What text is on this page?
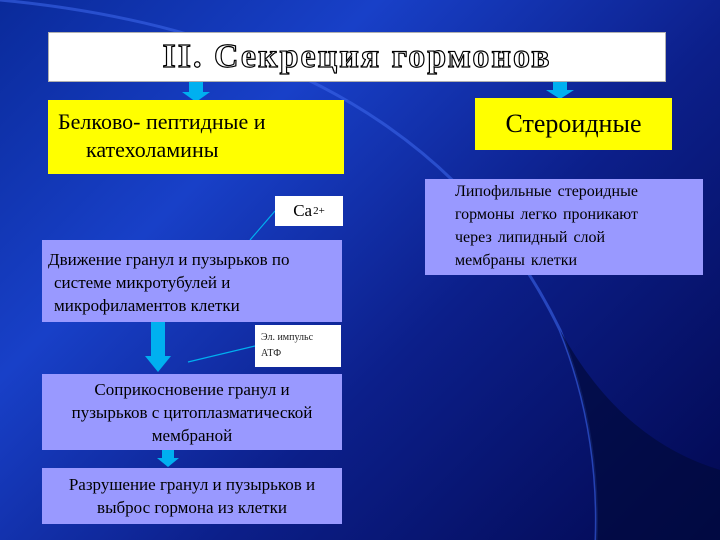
II. Секреция гормонов
Белково- пептидные и
катехоламины
Стероидные
Ca 2+
Движение гранул и пузырьков по
системе микротубулей и
микрофиламентов клетки
Эл. импульс
АТФ
Соприкосновение гранул и
пузырьков с цитоплазматической
мембраной
Разрушение гранул и пузырьков и
выброс гормона из клетки
Липофильные стероидные
гормоны легко проникают
через липидный слой
мембраны клетки
